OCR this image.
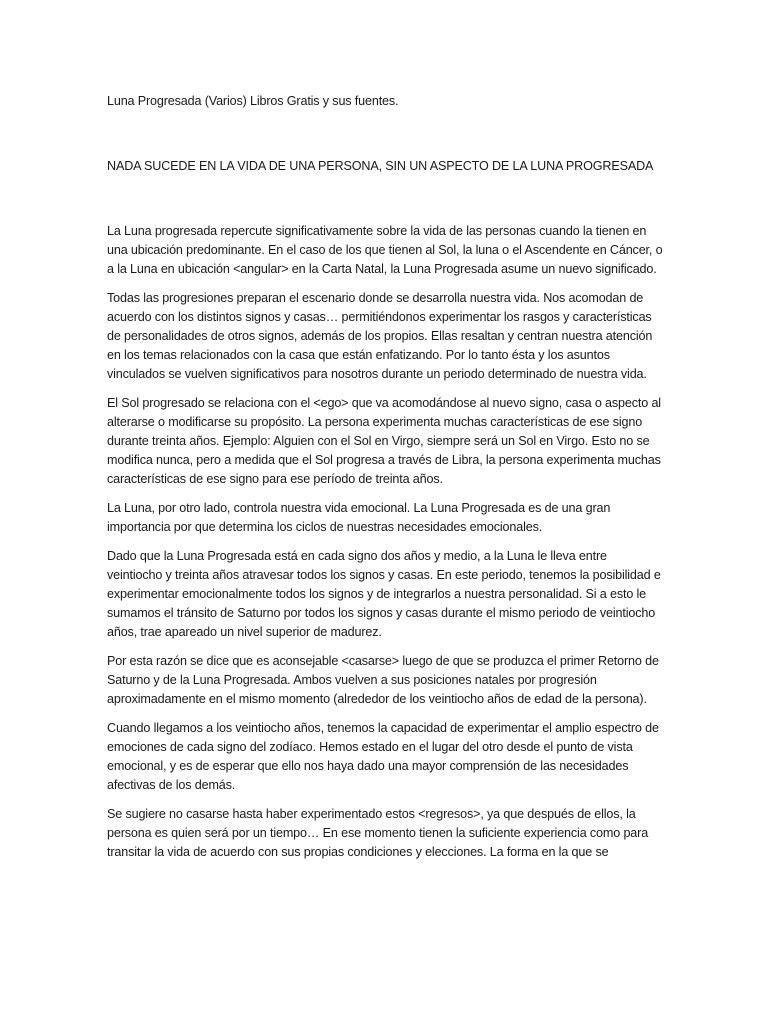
Luna Progresada (Varios) Libros Gratis y sus fuentes.

NADA SUCEDE EN LA VIDA DE UNA PERSONA, SIN UN ASPECTO DE LA LUNA PROGRESADA

La Luna progresada repercute significativamente sobre la vida de las personas cuando la tienen en una ubicación predominante. En el caso de los que tienen al Sol, la luna o el Ascendente en Cáncer, o a la Luna en ubicación <angular> en la Carta Natal, la Luna Progresada asume un nuevo significado.

Todas las progresiones preparan el escenario donde se desarrolla nuestra vida. Nos acomodan de acuerdo con los distintos signos y casas… permitiéndonos experimentar los rasgos y características de personalidades de otros signos, además de los propios. Ellas resaltan y centran nuestra atención en los temas relacionados con la casa que están enfatizando. Por lo tanto ésta y los asuntos vinculados se vuelven significativos para nosotros durante un periodo determinado de nuestra vida.

El Sol progresado se relaciona con el <ego> que va acomodándose al nuevo signo, casa o aspecto al alterarse o modificarse su propósito. La persona experimenta muchas características de ese signo durante treinta años. Ejemplo: Alguien con el Sol en Virgo, siempre será un Sol en Virgo. Esto no se modifica nunca, pero a medida que el Sol progresa a través de Libra, la persona experimenta muchas características de ese signo para ese período de treinta años.

La Luna, por otro lado, controla nuestra vida emocional. La Luna Progresada es de una gran importancia por que determina los ciclos de nuestras necesidades emocionales.

Dado que la Luna Progresada está en cada signo dos años y medio, a la Luna le lleva entre veintiocho y treinta años atravesar todos los signos y casas. En este periodo, tenemos la posibilidad e experimentar emocionalmente todos los signos y de integrarlos a nuestra personalidad. Si a esto le sumamos el tránsito de Saturno por todos los signos y casas durante el mismo periodo de veintiocho años, trae apareado un nivel superior de madurez.

Por esta razón se dice que es aconsejable <casarse> luego de que se produzca el primer Retorno de Saturno y de la Luna Progresada. Ambos vuelven a sus posiciones natales por progresión aproximadamente en el mismo momento (alrededor de los veintiocho años de edad de la persona).

Cuando llegamos a los veintiocho años, tenemos la capacidad de experimentar el amplio espectro de emociones de cada signo del zodíaco. Hemos estado en el lugar del otro desde el punto de vista emocional, y es de esperar que ello nos haya dado una mayor comprensión de las necesidades afectivas de los demás.

Se sugiere no casarse hasta haber experimentado estos <regresos>, ya que después de ellos, la persona es quien será por un tiempo… En ese momento tienen la suficiente experiencia como para transitar la vida de acuerdo con sus propias condiciones y elecciones. La forma en la que se
